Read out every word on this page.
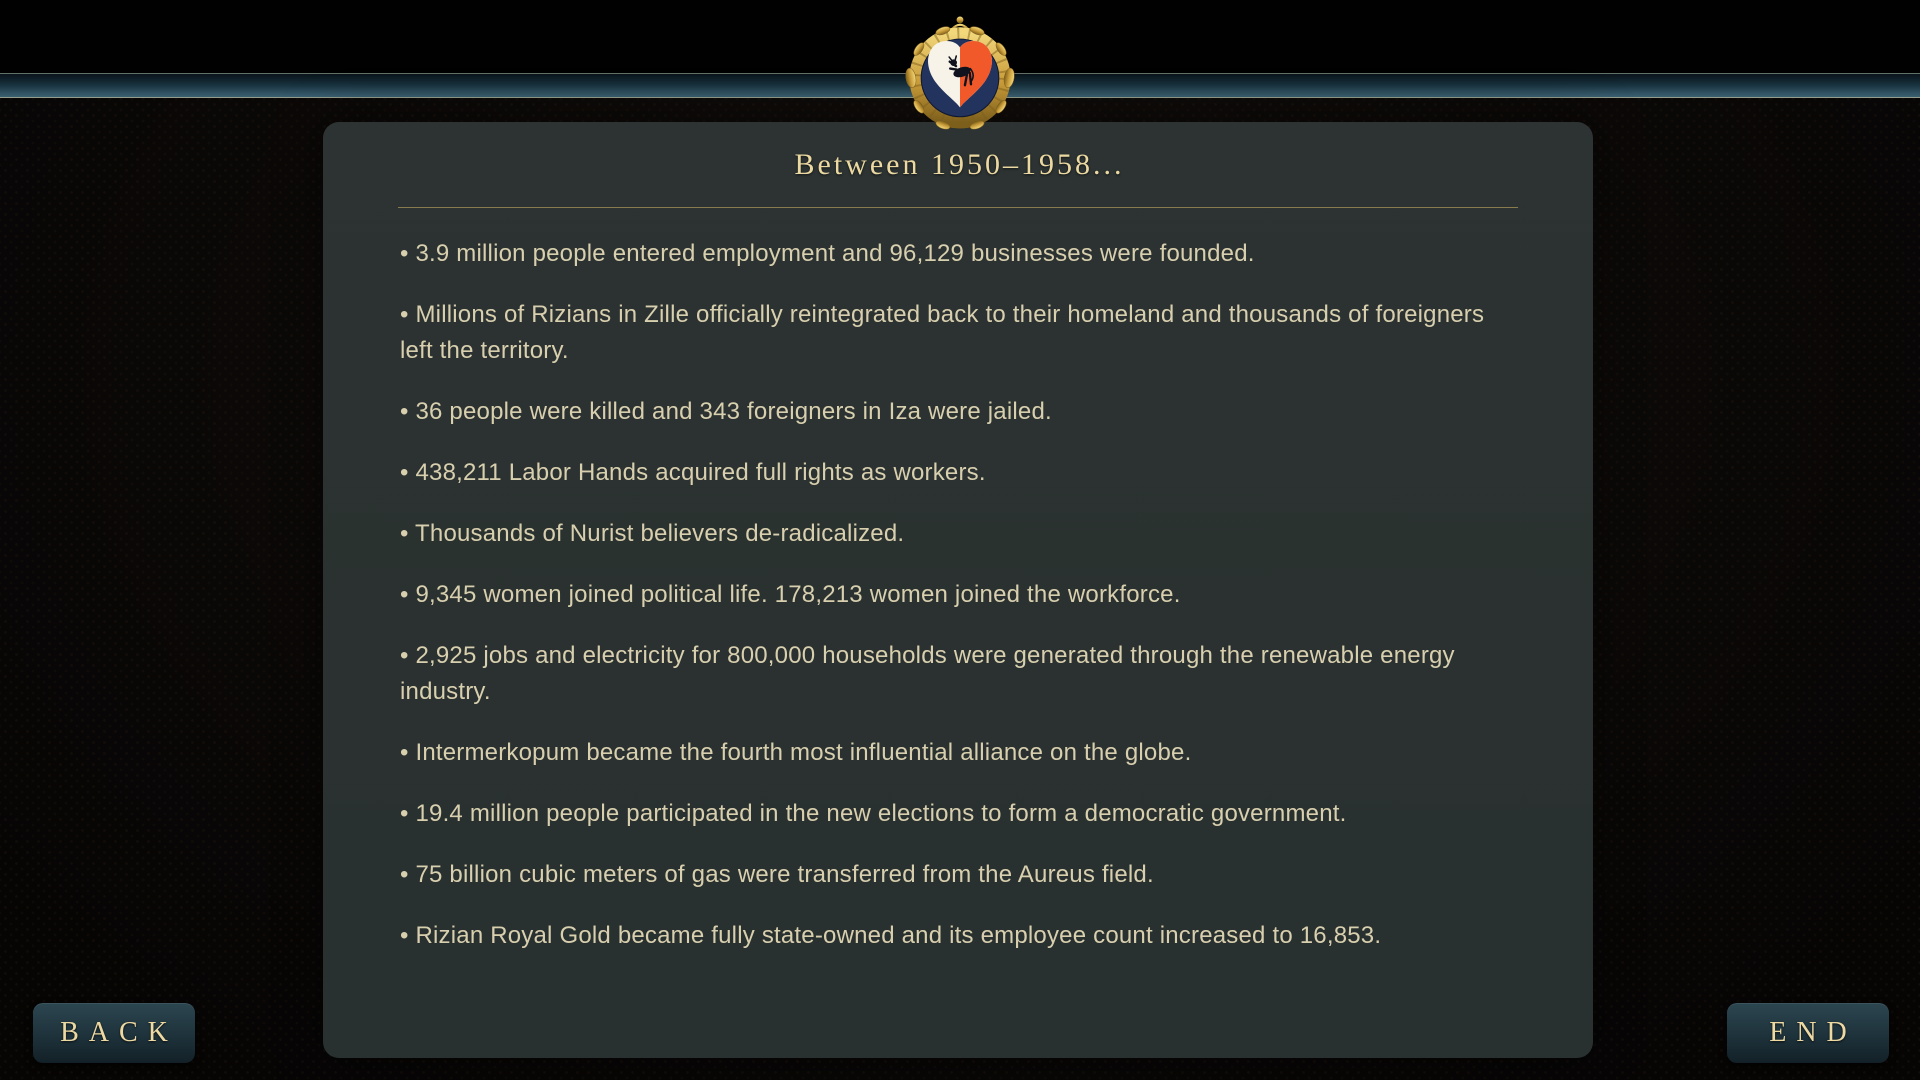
Between 1950–1958...

• 3.9 million people entered employment and 96,129 businesses were founded.

• Millions of Rizians in Zille officially reintegrated back to their homeland and thousands of foreigners left the territory.

• 36 people were killed and 343 foreigners in Iza were jailed.

• 438,211 Labor Hands acquired full rights as workers.

• Thousands of Nurist believers de-radicalized.

• 9,345 women joined political life. 178,213 women joined the workforce.

• 2,925 jobs and electricity for 800,000 households were generated through the renewable energy industry.

• Intermerkopum became the fourth most influential alliance on the globe.

• 19.4 million people participated in the new elections to form a democratic government.

• 75 billion cubic meters of gas were transferred from the Aureus field.

• Rizian Royal Gold became fully state-owned and its employee count increased to 16,853.

BACK	END
